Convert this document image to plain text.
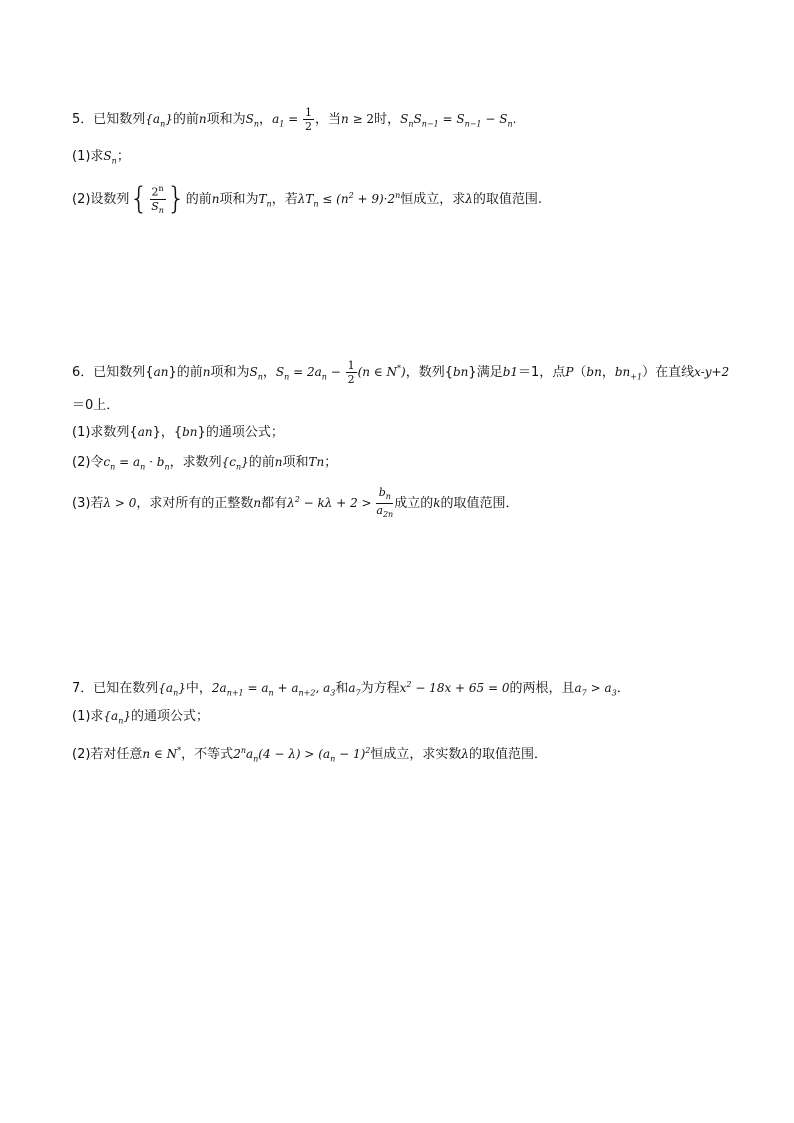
5．已知数列$\{a_n\}$的前n项和为$S_n$，$a_1 = \frac{1}{2}$ ，当n ≥ 2时，$S_nS_{n-1} = S_{n-1} - S_n$.
(1)求$S_n$；
(2)设数列{ $\frac{2^n}{S_n}$ }的前n项和为$T_n$，若$\lambda T_n \le (n^2 + 9)\cdot 2^n$恒成立，求λ的取值范围.
6．已知数列{an}的前n项和为$S_n$，$S_n = 2a_n - \frac{1}{2} (n$ ∈ N*)，数列{bn}满足b1＝1，点P（bn，$bn_{+1}$）在直线x-y+2
＝0上．
(1)求数列{an}，{bn}的通项公式；
(2)令$c_n = a_n \cdot b_n$，求数列$\{c_n\}$的前n项和Tn；
(3)若λ > 0，求对所有的正整数n都有$\lambda^2 - k\lambda + 2 > \frac{b_n}{a_{2n}}$ 成立的k的取值范围．
7．已知在数列$\{a_n\}$中，$2a_{n+1} = a_n + a_{n+2}$, $a_3$和$a_7$为方程$x^2 - 18x + 65 = 0$的两根，且$a_7 > a_3$．
(1)求$\{a_n\}$的通项公式；
(2)若对任意n ∈ N*，不等式$2^na_n(4 - \lambda) > (a_n - 1)^2$恒成立，求实数λ的取值范围．
